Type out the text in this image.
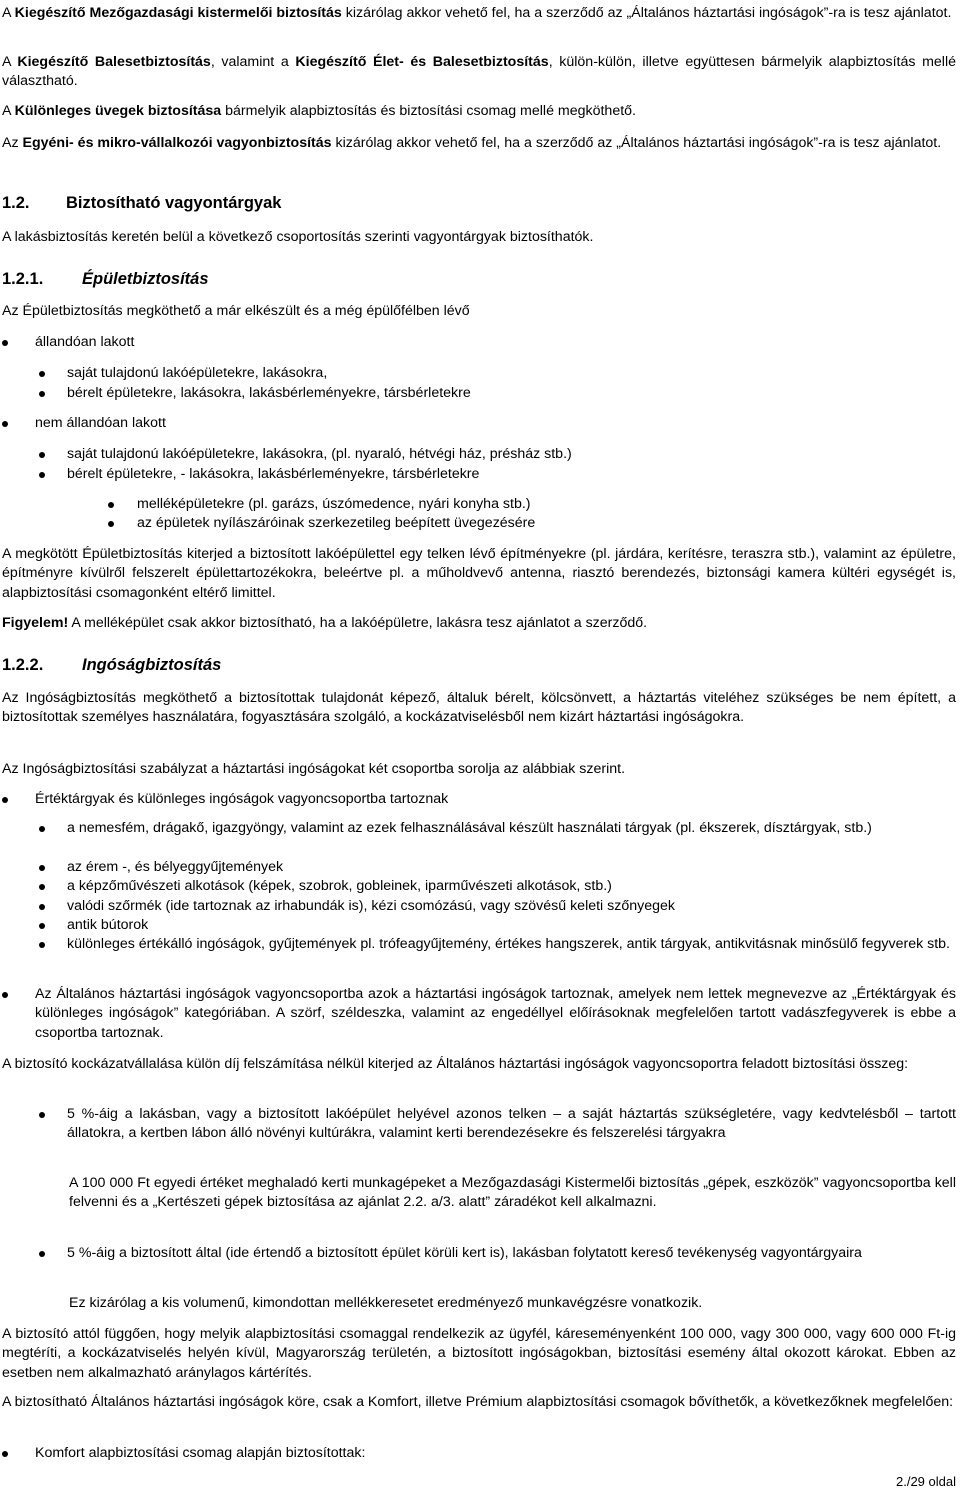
A Kiegészítő Mezőgazdasági kistermelői biztosítás kizárólag akkor vehető fel, ha a szerződő az „Általános háztartási ingóságok”-ra is tesz ajánlatot.

A Kiegészítő Balesetbiztosítás, valamint a Kiegészítő Élet- és Balesetbiztosítás, külön-külön, illetve együttesen bármelyik alapbiztosítás mellé választható.

A Különleges üvegek biztosítása bármelyik alapbiztosítás és biztosítási csomag mellé megköthető.

Az Egyéni- és mikro-vállalkozói vagyonbiztosítás kizárólag akkor vehető fel, ha a szerződő az „Általános háztartási ingóságok”-ra is tesz ajánlatot.

1.2. Biztosítható vagyontárgyak

A lakásbiztosítás keretén belül a következő csoportosítás szerinti vagyontárgyak biztosíthatók.

1.2.1. Épületbiztosítás

Az Épületbiztosítás megköthető a már elkészült és a még épülőfélben lévő

állandóan lakott
saját tulajdonú lakóépületekre, lakásokra,
bérelt épületekre, lakásokra, lakásbérleményekre, társbérletekre
nem állandóan lakott
saját tulajdonú lakóépületekre, lakásokra, (pl. nyaraló, hétvégi ház, présház stb.)
bérelt épületekre, - lakásokra, lakásbérleményekre, társbérletekre
melléképületekre (pl. garázs, úszómedence, nyári konyha stb.)
az épületek nyílászáróinak szerkezetileg beépített üvegezésére

A megkötött Épületbiztosítás kiterjed a biztosított lakóépülettel egy telken lévő építményekre (pl. járdára, kerítésre, teraszra stb.), valamint az épületre, építményre kívülről felszerelt épülettartozékokra, beleértve pl. a műholdvevő antenna, riasztó berendezés, biztonsági kamera kültéri egységét is, alapbiztosítási csomagonként eltérő limittel.

Figyelem! A melléképület csak akkor biztosítható, ha a lakóépületre, lakásra tesz ajánlatot a szerződő.

1.2.2. Ingóságbiztosítás

Az Ingóságbiztosítás megköthető a biztosítottak tulajdonát képező, általuk bérelt, kölcsönvett, a háztartás viteléhez szükséges be nem épített, a biztosítottak személyes használatára, fogyasztására szolgáló, a kockázatviselésből nem kizárt háztartási ingóságokra.

Az Ingóságbiztosítási szabályzat a háztartási ingóságokat két csoportba sorolja az alábbiak szerint.

Értéktárgyak és különleges ingóságok vagyoncsoportba tartoznak

a nemesfém, drágakő, igazgyöngy, valamint az ezek felhasználásával készült használati tárgyak (pl. ékszerek, dísztárgyak, stb.)

az érem -, és bélyeggyűjtemények
a képzőművészeti alkotások (képek, szobrok, gobleinek, iparművészeti alkotások, stb.)
valódi szőrmék (ide tartoznak az irhabundák is), kézi csomózású, vagy szövésű keleti szőnyegek
antik bútorok

különleges értékálló ingóságok, gyűjtemények pl. trófeagyűjtemény, értékes hangszerek, antik tárgyak, antikvitásnak minősülő fegyverek stb.

Az Általános háztartási ingóságok vagyoncsoportba azok a háztartási ingóságok tartoznak, amelyek nem lettek megnevezve az „Értéktárgyak és különleges ingóságok” kategóriában. A szörf, széldeszka, valamint az engedéllyel előírásoknak megfelelően tartott vadászfegyverek is ebbe a csoportba tartoznak.

A biztosító kockázatvállalása külön díj felszámítása nélkül kiterjed az Általános háztartási ingóságok vagyoncsoportra feladott biztosítási összeg:

5 %-áig a lakásban, vagy a biztosított lakóépület helyével azonos telken – a saját háztartás szükségletére, vagy kedvtelésből – tartott állatokra, a kertben lábon álló növényi kultúrákra, valamint kerti berendezésekre és felszerelési tárgyakra

A 100 000 Ft egyedi értéket meghaladó kerti munkagépeket a Mezőgazdasági Kistermelői biztosítás „gépek, eszközök” vagyoncsoportba kell felvenni és a „Kertészeti gépek biztosítása az ajánlat 2.2. a/3. alatt” záradékot kell alkalmazni.

5 %-áig a biztosított által (ide értendő a biztosított épület körüli kert is), lakásban folytatott kereső tevékenység vagyontárgyaira

Ez kizárólag a kis volumenű, kimondottan mellékkeresetet eredményező munkavégzésre vonatkozik.

A biztosító attól függően, hogy melyik alapbiztosítási csomaggal rendelkezik az ügyfél, káreseményenként 100 000, vagy 300 000, vagy 600 000 Ft-ig megtéríti, a kockázatviselés helyén kívül, Magyarország területén, a biztosított ingóságokban, biztosítási esemény által okozott károkat. Ebben az esetben nem alkalmazható aránylagos kártérítés.

A biztosítható Általános háztartási ingóságok köre, csak a Komfort, illetve Prémium alapbiztosítási csomagok bővíthetők, a következőknek megfelelően:

Komfort alapbiztosítási csomag alapján biztosítottak:
2./29 oldal
